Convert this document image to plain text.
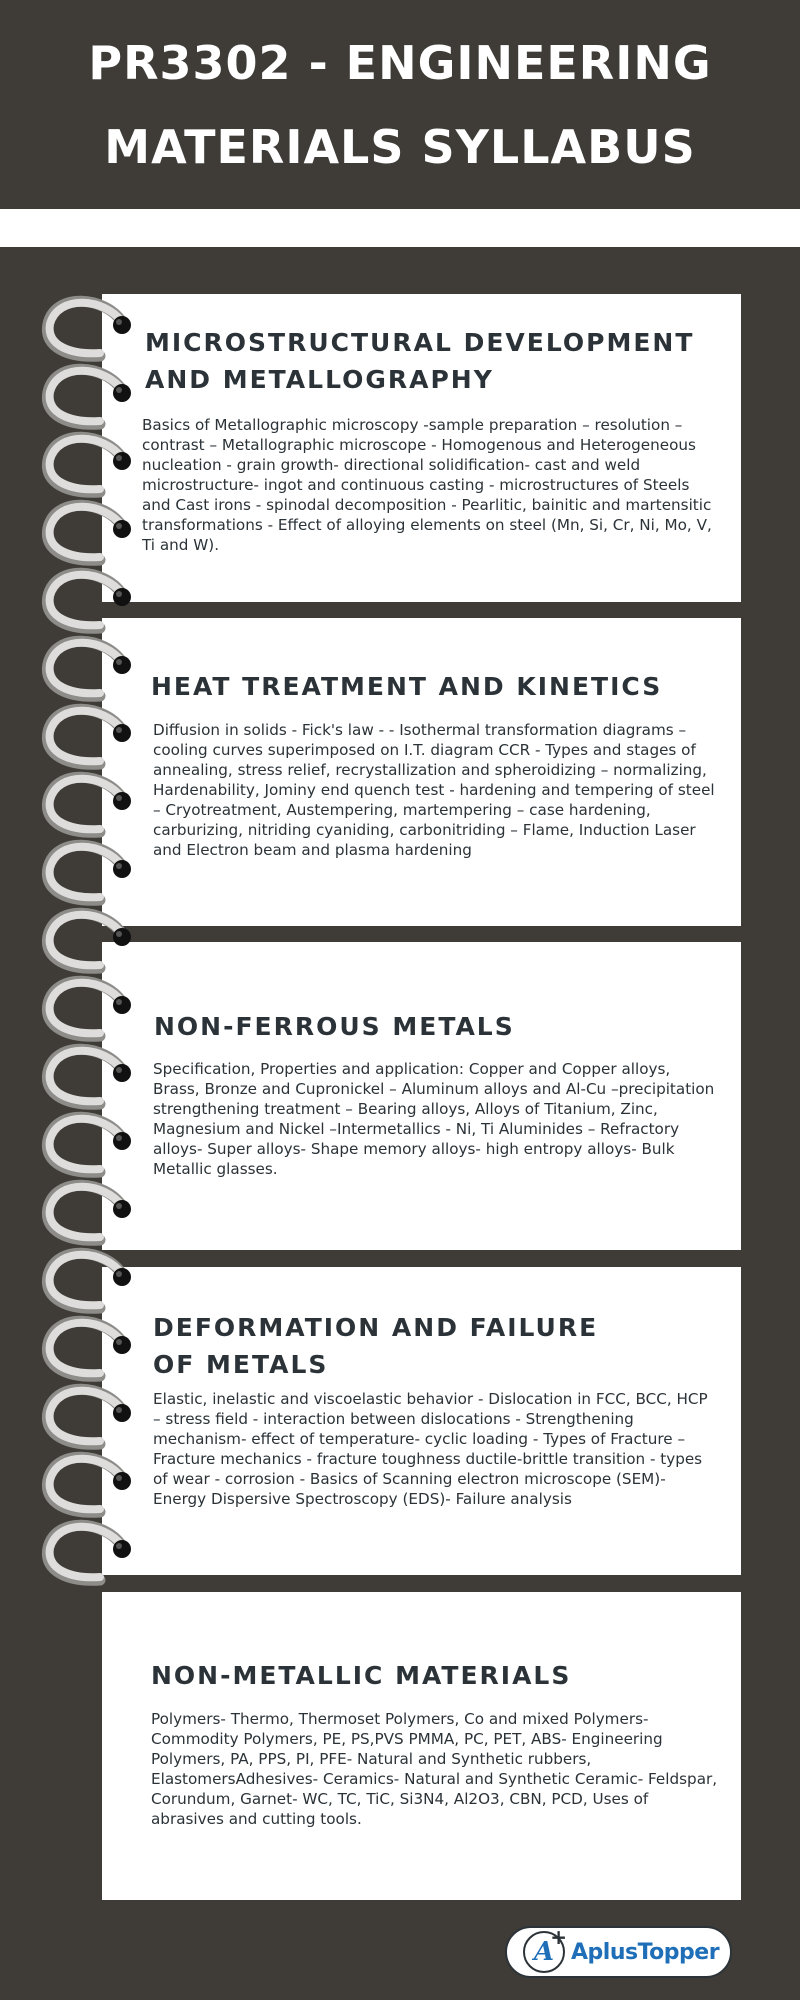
PR3302 - ENGINEERING
MATERIALS SYLLABUS
MICROSTRUCTURAL DEVELOPMENT
AND METALLOGRAPHY

Basics of Metallographic microscopy -sample preparation – resolution – contrast – Metallographic microscope - Homogenous and Heterogeneous nucleation - grain growth- directional solidification- cast and weld microstructure- ingot and continuous casting - microstructures of Steels and Cast irons - spinodal decomposition - Pearlitic, bainitic and martensitic transformations - Effect of alloying elements on steel (Mn, Si, Cr, Ni, Mo, V, Ti and W).

HEAT TREATMENT AND KINETICS

Diffusion in solids - Fick's law - - Isothermal transformation diagrams – cooling curves superimposed on I.T. diagram CCR - Types and stages of annealing, stress relief, recrystallization and spheroidizing – normalizing, Hardenability, Jominy end quench test - hardening and tempering of steel – Cryotreatment, Austempering, martempering – case hardening, carburizing, nitriding cyaniding, carbonitriding – Flame, Induction Laser and Electron beam and plasma hardening

NON-FERROUS METALS

Specification, Properties and application: Copper and Copper alloys, Brass, Bronze and Cupronickel – Aluminum alloys and Al-Cu –precipitation strengthening treatment – Bearing alloys, Alloys of Titanium, Zinc, Magnesium and Nickel –Intermetallics - Ni, Ti Aluminides – Refractory alloys- Super alloys- Shape memory alloys- high entropy alloys- Bulk Metallic glasses.

DEFORMATION AND FAILURE
OF METALS

Elastic, inelastic and viscoelastic behavior - Dislocation in FCC, BCC, HCP – stress field - interaction between dislocations - Strengthening mechanism- effect of temperature- cyclic loading - Types of Fracture – Fracture mechanics - fracture toughness ductile-brittle transition - types of wear - corrosion - Basics of Scanning electron microscope (SEM)- Energy Dispersive Spectroscopy (EDS)- Failure analysis

NON-METALLIC MATERIALS

Polymers- Thermo, Thermoset Polymers, Co and mixed Polymers- Commodity Polymers, PE, PS,PVS PMMA, PC, PET, ABS- Engineering Polymers, PA, PPS, PI, PFE- Natural and Synthetic rubbers, ElastomersAdhesives- Ceramics- Natural and Synthetic Ceramic- Feldspar, Corundum, Garnet- WC, TC, TiC, Si3N4, Al2O3, CBN, PCD, Uses of abrasives and cutting tools.

A
+
AplusTopper
